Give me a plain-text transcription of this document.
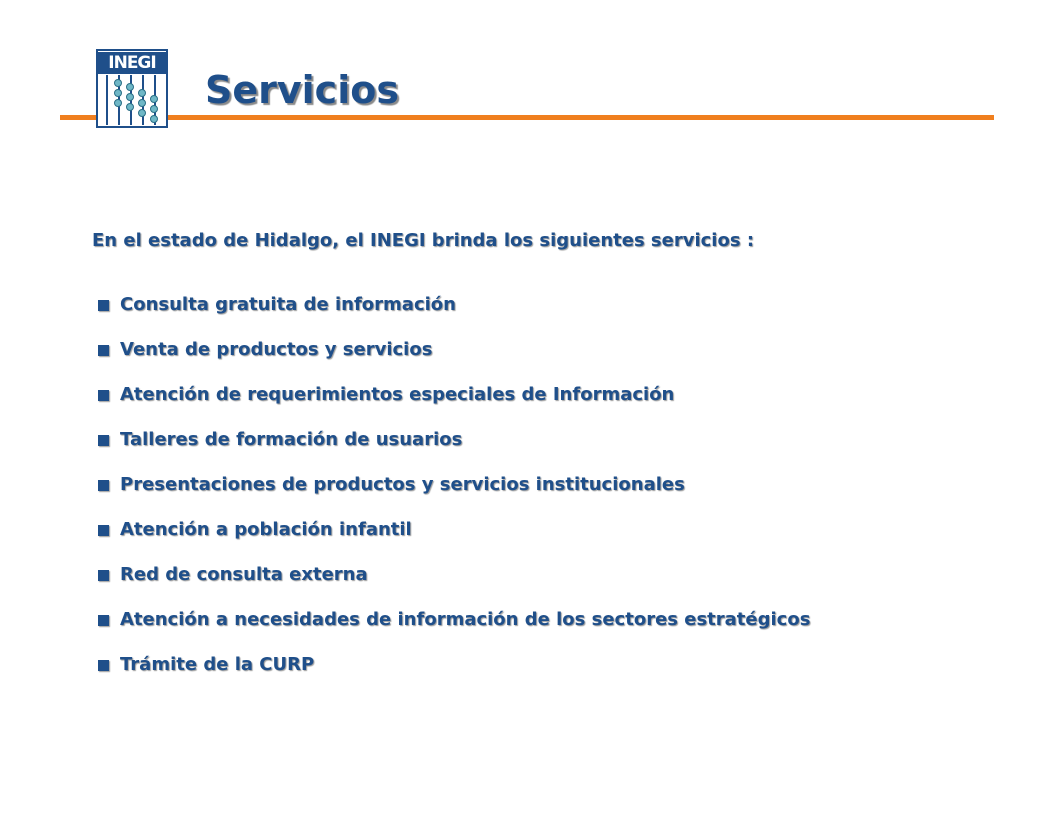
INEGI
Servicios

En el estado de Hidalgo, el INEGI brinda los siguientes servicios :

Consulta gratuita de información
Venta de productos y servicios
Atención de requerimientos especiales de Información
Talleres de formación de usuarios
Presentaciones de productos y servicios institucionales
Atención a población infantil
Red de consulta externa
Atención a necesidades de información de los sectores estratégicos
Trámite de la CURP
